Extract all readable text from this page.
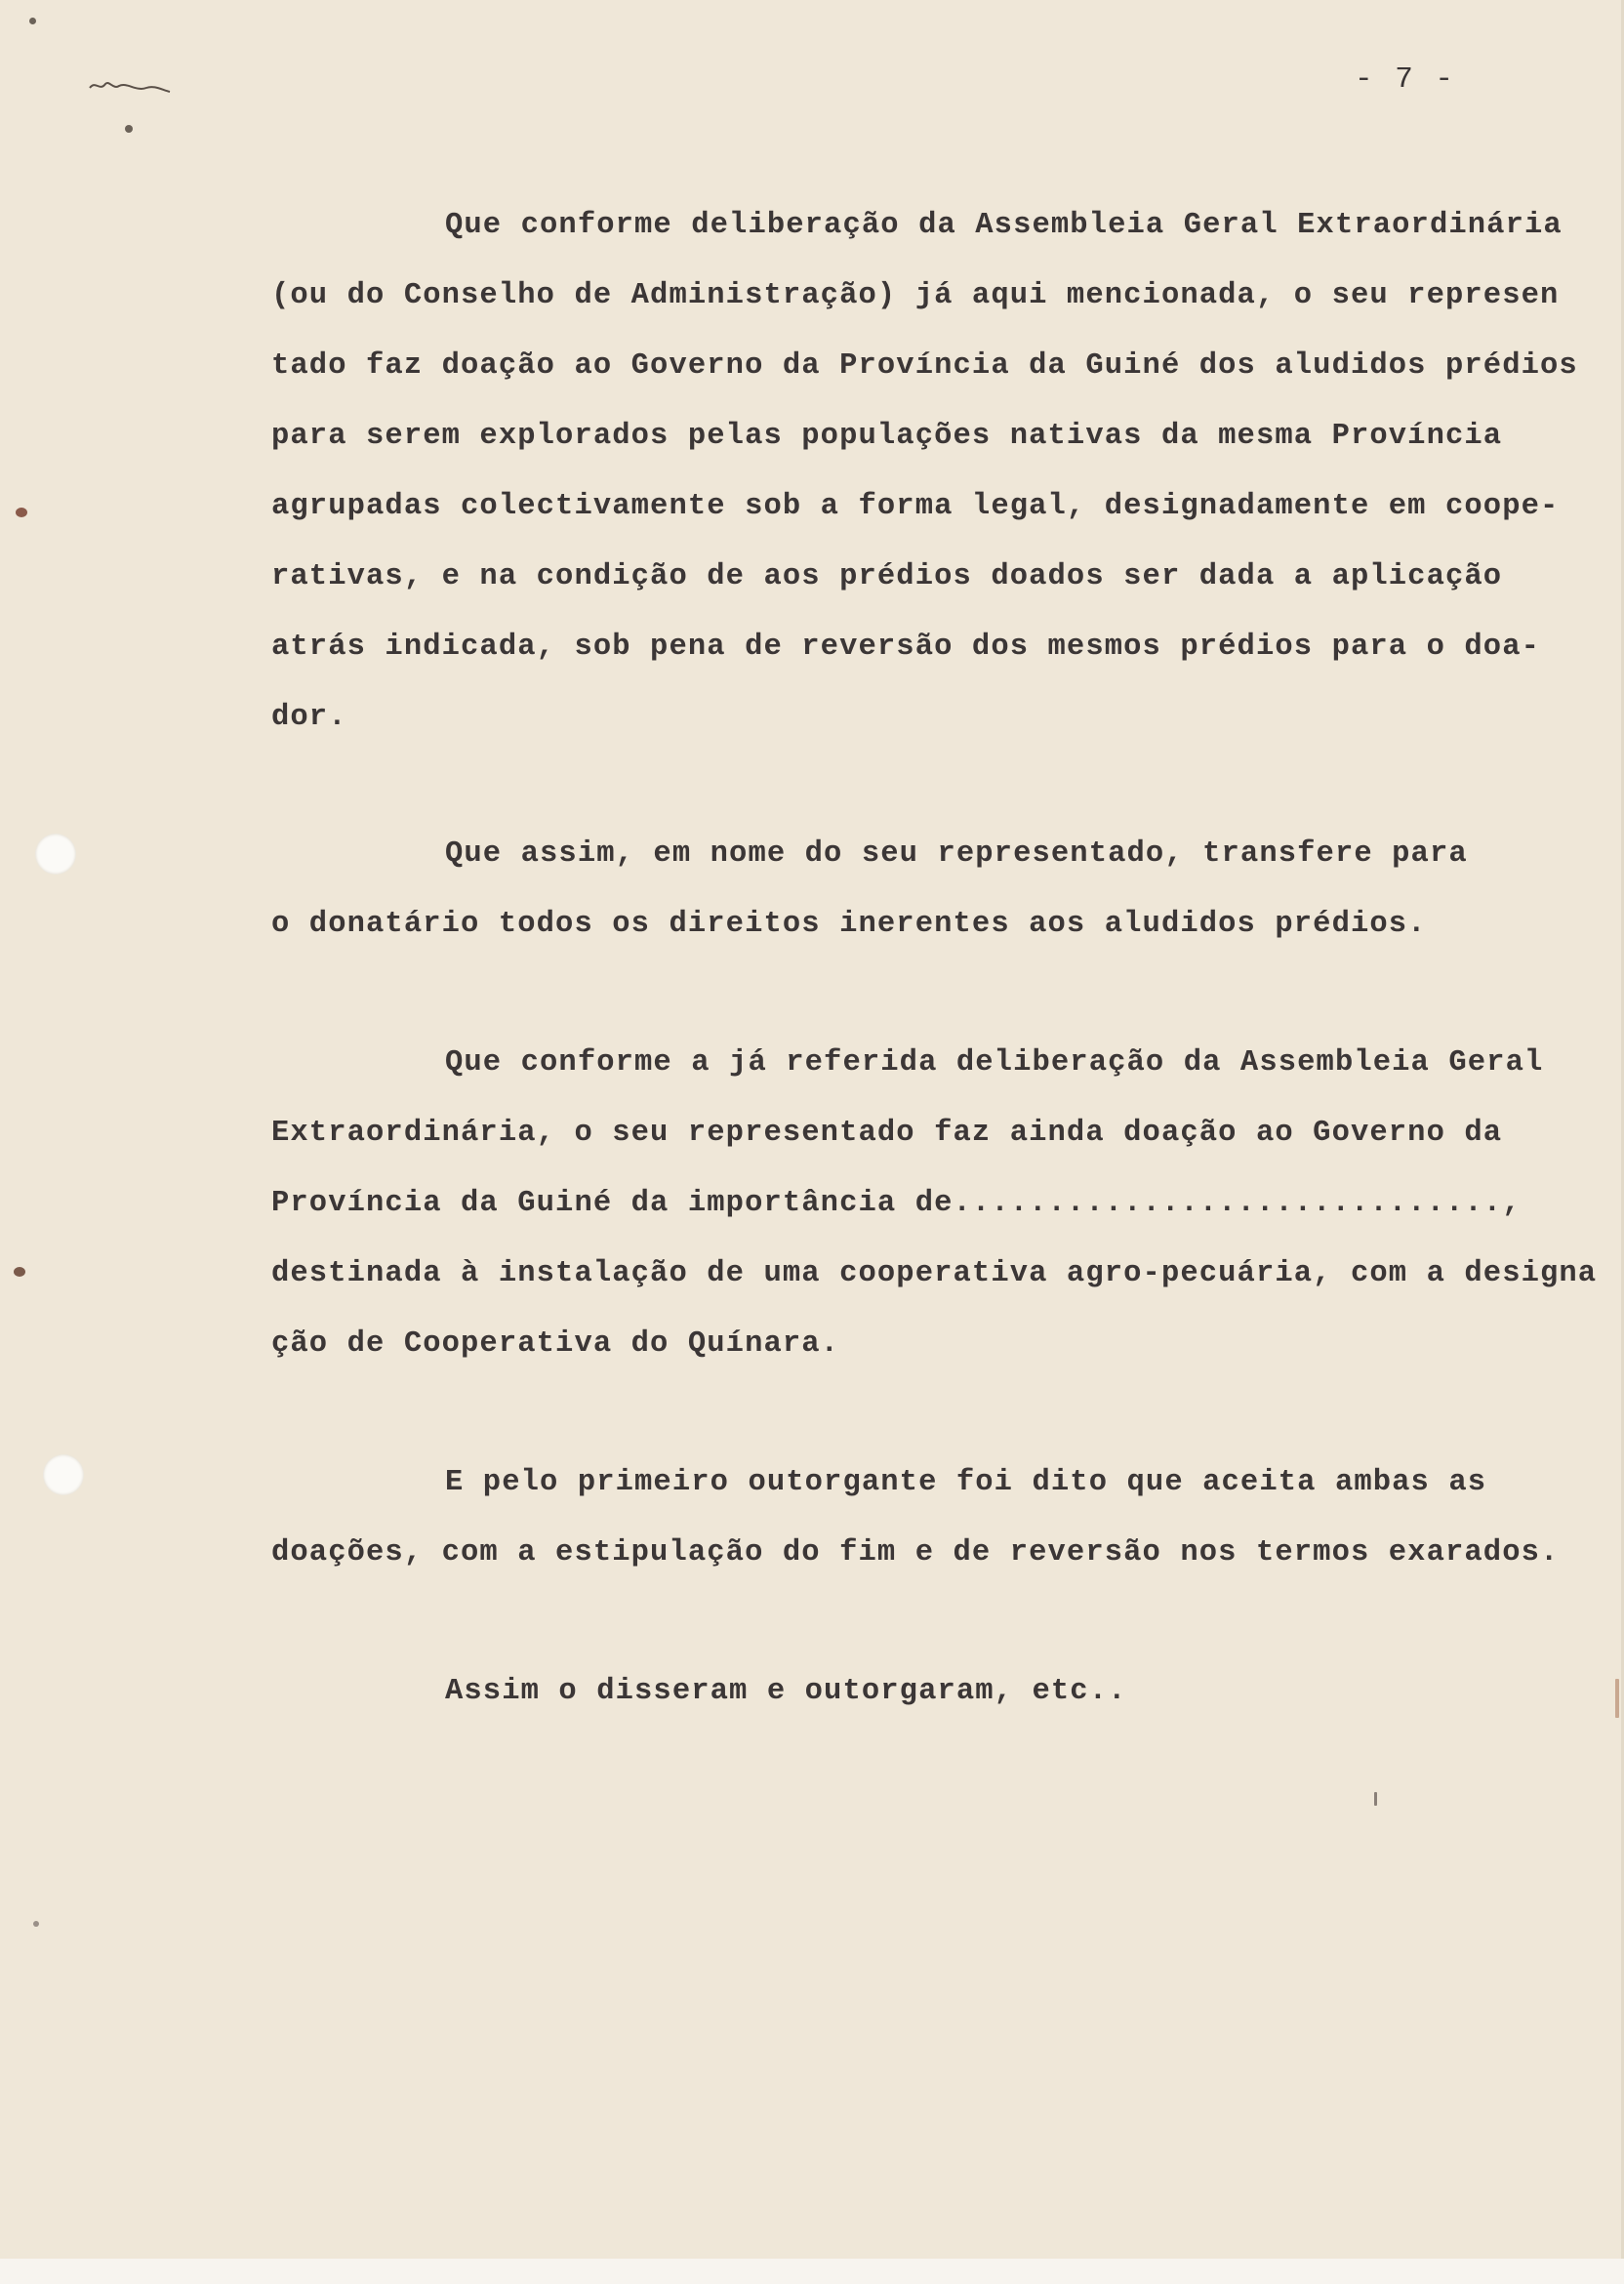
- 7 -
Que conforme deliberação da Assembleia Geral Extraordinária
(ou do Conselho de Administração) já aqui mencionada, o seu represen
tado faz doação ao Governo da Província da Guiné dos aludidos prédios
para serem explorados pelas populações nativas da mesma Província
agrupadas colectivamente sob a forma legal, designadamente em coope-
rativas, e na condição de aos prédios doados ser dada a aplicação
atrás indicada, sob pena de reversão dos mesmos prédios para o doa-
dor.
Que assim, em nome do seu representado, transfere para
o donatário todos os direitos inerentes aos aludidos prédios.
Que conforme a já referida deliberação da Assembleia Geral
Extraordinária, o seu representado faz ainda doação ao Governo da
Província da Guiné da importância de.............................,
destinada à instalação de uma cooperativa agro-pecuária, com a designa
ção de Cooperativa do Quínara.
E pelo primeiro outorgante foi dito que aceita ambas as
doações, com a estipulação do fim e de reversão nos termos exarados.
Assim o disseram e outorgaram, etc..
